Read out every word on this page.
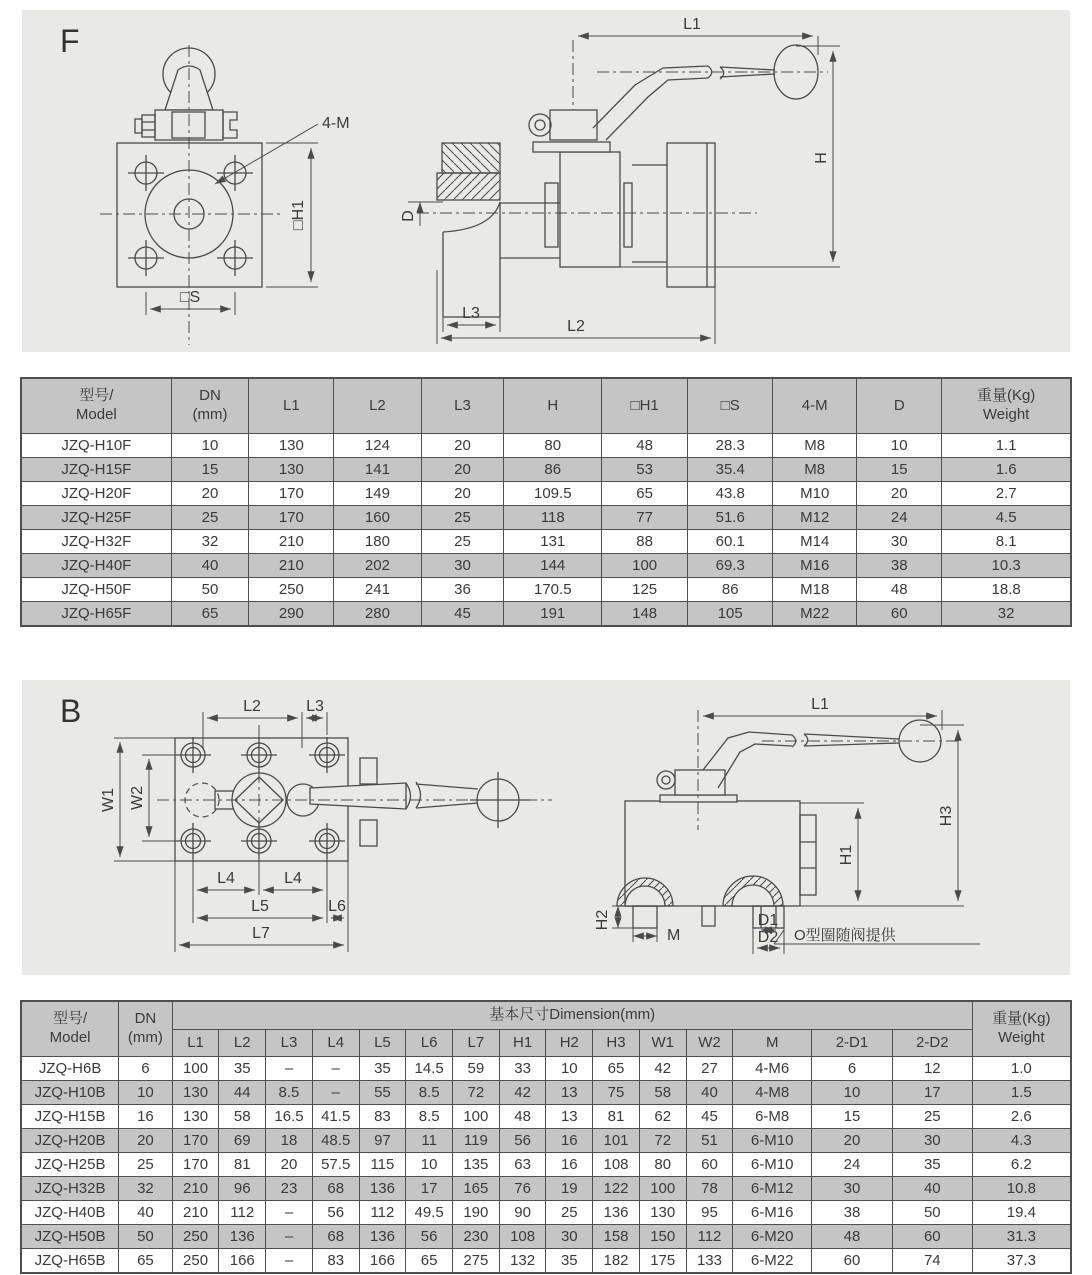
F
□H1
□S
4-M
L1
H
D
L3
L2
型号/
Model	DN
(mm)	L1	L2	L3	H	□H1	□S	4-M	D	重量(Kg)
Weight
JZQ-H10F	10	130	124	20	80	48	28.3	M8	10	1.1
JZQ-H15F	15	130	141	20	86	53	35.4	M8	15	1.6
JZQ-H20F	20	170	149	20	109.5	65	43.8	M10	20	2.7
JZQ-H25F	25	170	160	25	118	77	51.6	M12	24	4.5
JZQ-H32F	32	210	180	25	131	88	60.1	M14	30	8.1
JZQ-H40F	40	210	202	30	144	100	69.3	M16	38	10.3
JZQ-H50F	50	250	241	36	170.5	125	86	M18	48	18.8
JZQ-H65F	65	290	280	45	191	148	105	M22	60	32
B	L2	L3
W1 W2
L4	L4
L5	L6
L7
L1
H3
H1
H2
M
D1
D2 O型圈随阀提供
型号/
Model	DN
(mm)	基本尺寸Dimension(mm)															重量(Kg)
Weight
		L1	L2	L3	L4	L5	L6	L7	H1	H2	H3	W1	W2	M	2-D1	2-D2	
JZQ-H6B	6	100	35	–	–	35	14.5	59	33	10	65	42	27	4-M6	6	12	1.0
JZQ-H10B	10	130	44	8.5	–	55	8.5	72	42	13	75	58	40	4-M8	10	17	1.5
JZQ-H15B	16	130	58	16.5	41.5	83	8.5	100	48	13	81	62	45	6-M8	15	25	2.6
JZQ-H20B	20	170	69	18	48.5	97	11	119	56	16	101	72	51	6-M10	20	30	4.3
JZQ-H25B	25	170	81	20	57.5	115	10	135	63	16	108	80	60	6-M10	24	35	6.2
JZQ-H32B	32	210	96	23	68	136	17	165	76	19	122	100	78	6-M12	30	40	10.8
JZQ-H40B	40	210	112	–	56	112	49.5	190	90	25	136	130	95	6-M16	38	50	19.4
JZQ-H50B	50	250	136	–	68	136	56	230	108	30	158	150	112	6-M20	48	60	31.3
JZQ-H65B	65	250	166	–	83	166	65	275	132	35	182	175	133	6-M22	60	74	37.3
